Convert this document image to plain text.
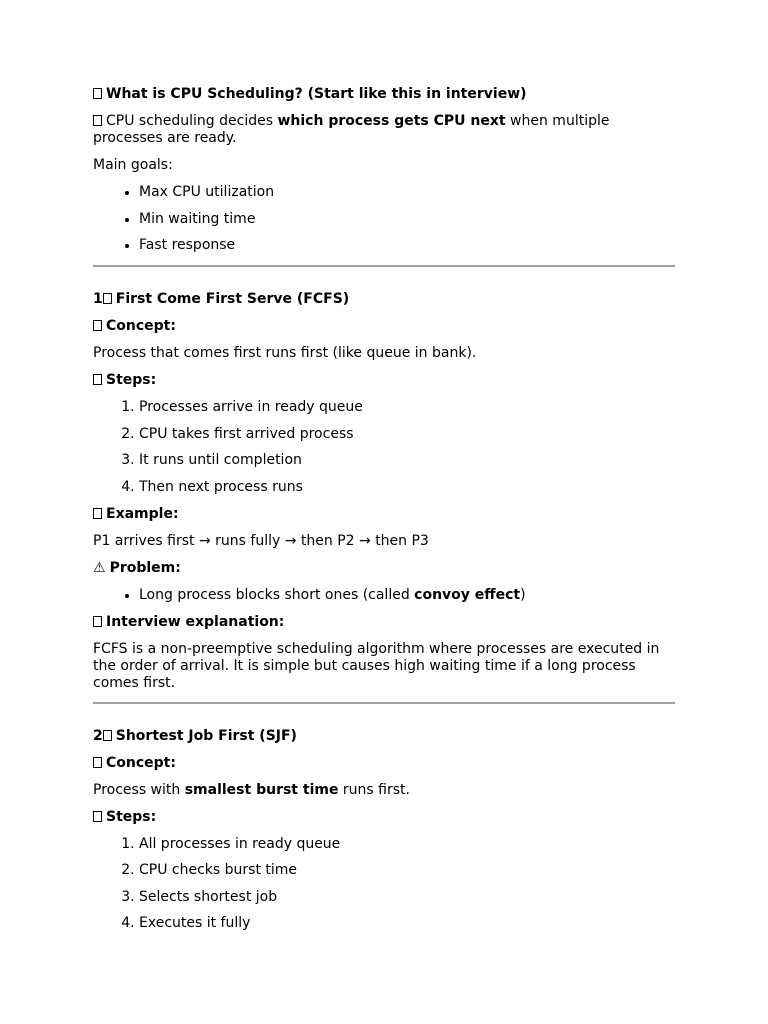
What is CPU Scheduling? (Start like this in interview)

CPU scheduling decides which process gets CPU next when multiple processes are ready.

Main goals:

• Max CPU utilization
• Min waiting time
• Fast response

1 First Come First Serve (FCFS)

Concept:

Process that comes first runs first (like queue in bank).

Steps:

1. Processes arrive in ready queue
2. CPU takes first arrived process
3. It runs until completion
4. Then next process runs

Example:

P1 arrives first → runs fully → then P2 → then P3

⚠ Problem:

• Long process blocks short ones (called convoy effect)

Interview explanation:

FCFS is a non-preemptive scheduling algorithm where processes are executed in the order of arrival. It is simple but causes high waiting time if a long process comes first.

2 Shortest Job First (SJF)

Concept:

Process with smallest burst time runs first.

Steps:

1. All processes in ready queue
2. CPU checks burst time
3. Selects shortest job
4. Executes it fully
